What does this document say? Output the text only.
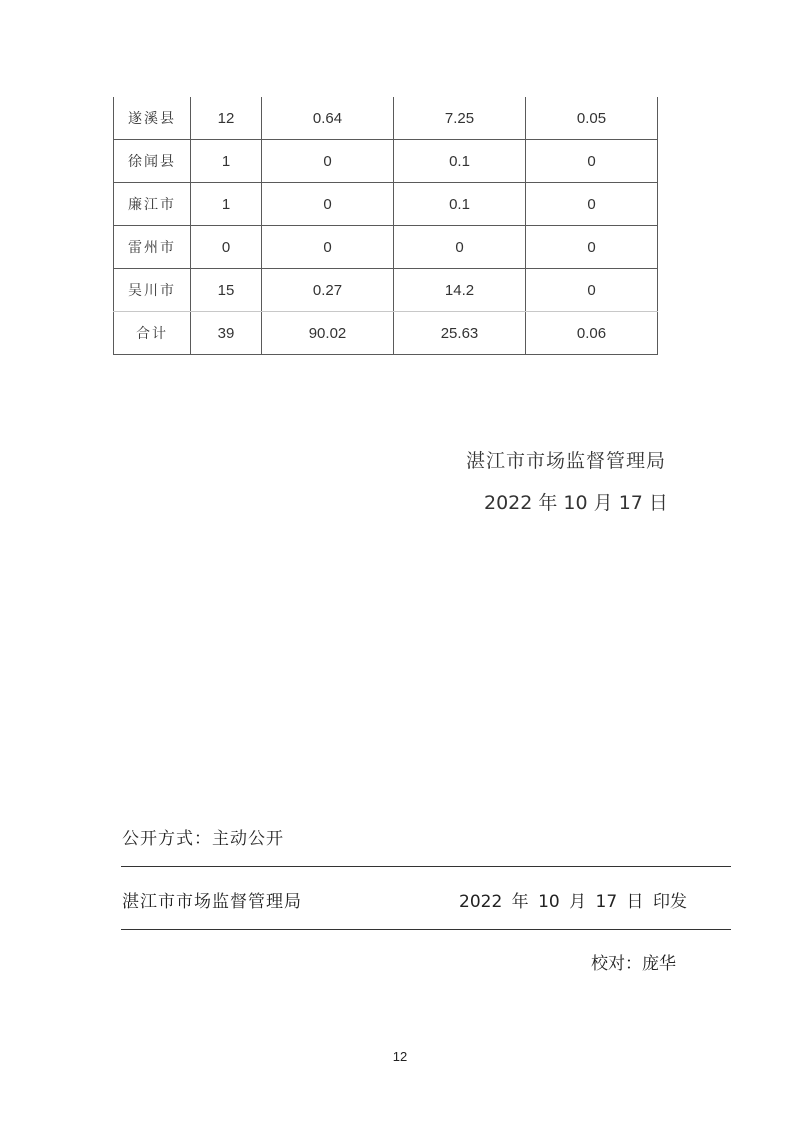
遂溪县	12	0.64	7.25	0.05
徐闻县	1	0	0.1	0
廉江市	1	0	0.1	0
雷州市	0	0	0	0
吴川市	15	0.27	14.2	0
合计	39	90.02	25.63	0.06
湛江市市场监督管理局
2022 年 10 月 17 日
公开方式：主动公开
湛江市市场监督管理局	2022 年 10 月 17 日 印发
校对：庞华
12
